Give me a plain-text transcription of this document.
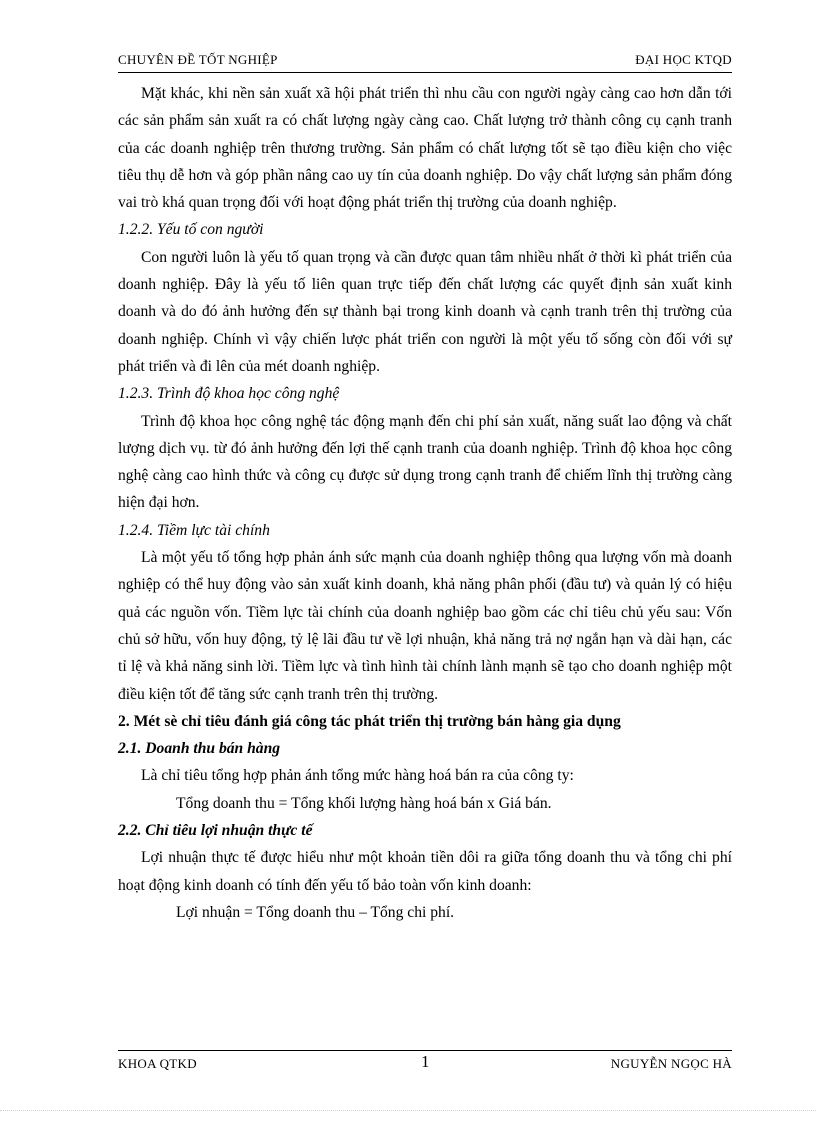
CHUYÊN ĐỀ TỐT NGHIỆP	ĐẠI HỌC KTQD

Mặt khác, khi nền sản xuất xã hội phát triển thì nhu cầu con người ngày càng cao hơn dẫn tới các sản phẩm sản xuất ra có chất lượng ngày càng cao. Chất lượng trở thành công cụ cạnh tranh của các doanh nghiệp trên thương trường. Sản phẩm có chất lượng tốt sẽ tạo điều kiện cho việc tiêu thụ dễ hơn và góp phần nâng cao uy tín của doanh nghiệp. Do vậy chất lượng sản phẩm đóng vai trò khá quan trọng đối với hoạt động phát triển thị trường của doanh nghiệp.

1.2.2. Yếu tố con người

Con người luôn là yếu tố quan trọng và cần được quan tâm nhiều nhất ở thời kì phát triển của doanh nghiệp. Đây là yếu tố liên quan trực tiếp đến chất lượng các quyết định sản xuất kinh doanh và do đó ảnh hưởng đến sự thành bại trong kinh doanh và cạnh tranh trên thị trường của doanh nghiệp. Chính vì vậy chiến lược phát triển con người là một yếu tố sống còn đối với sự phát triển và đi lên của mét doanh nghiệp.

1.2.3. Trình độ khoa học công nghệ

Trình độ khoa học công nghệ tác động mạnh đến chi phí sản xuất, năng suất lao động và chất lượng dịch vụ. từ đó ảnh hưởng đến lợi thế cạnh tranh của doanh nghiệp. Trình độ khoa học công nghệ càng cao hình thức và công cụ được sử dụng trong cạnh tranh để chiếm lĩnh thị trường càng hiện đại hơn.

1.2.4. Tiềm lực tài chính

Là một yếu tố tổng hợp phản ánh sức mạnh của doanh nghiệp thông qua lượng vốn mà doanh nghiệp có thể huy động vào sản xuất kinh doanh, khả năng phân phối (đầu tư) và quản lý có hiệu quả các nguồn vốn. Tiềm lực tài chính của doanh nghiệp bao gồm các chỉ tiêu chủ yếu sau: Vốn chủ sở hữu, vốn huy động, tỷ lệ lãi đầu tư về lợi nhuận, khả năng trả nợ ngắn hạn và dài hạn, các tỉ lệ và khả năng sinh lời. Tiềm lực và tình hình tài chính lành mạnh sẽ tạo cho doanh nghiệp một điều kiện tốt để tăng sức cạnh tranh trên thị trường.

2. Mét sè chỉ tiêu đánh giá công tác phát triển thị trường bán hàng gia dụng

2.1. Doanh thu bán hàng

Là chỉ tiêu tổng hợp phản ánh tổng mức hàng hoá bán ra của công ty:

Tổng doanh thu = Tổng khối lượng hàng hoá bán x Giá bán.

2.2. Chỉ tiêu lợi nhuận thực tế

Lợi nhuận thực tế được hiểu như một khoản tiền dôi ra giữa tổng doanh thu và tổng chi phí hoạt động kinh doanh có tính đến yếu tố bảo toàn vốn kinh doanh:

Lợi nhuận = Tổng doanh thu – Tổng chi phí.

KHOA QTKD	1	NGUYỄN NGỌC HÀ
